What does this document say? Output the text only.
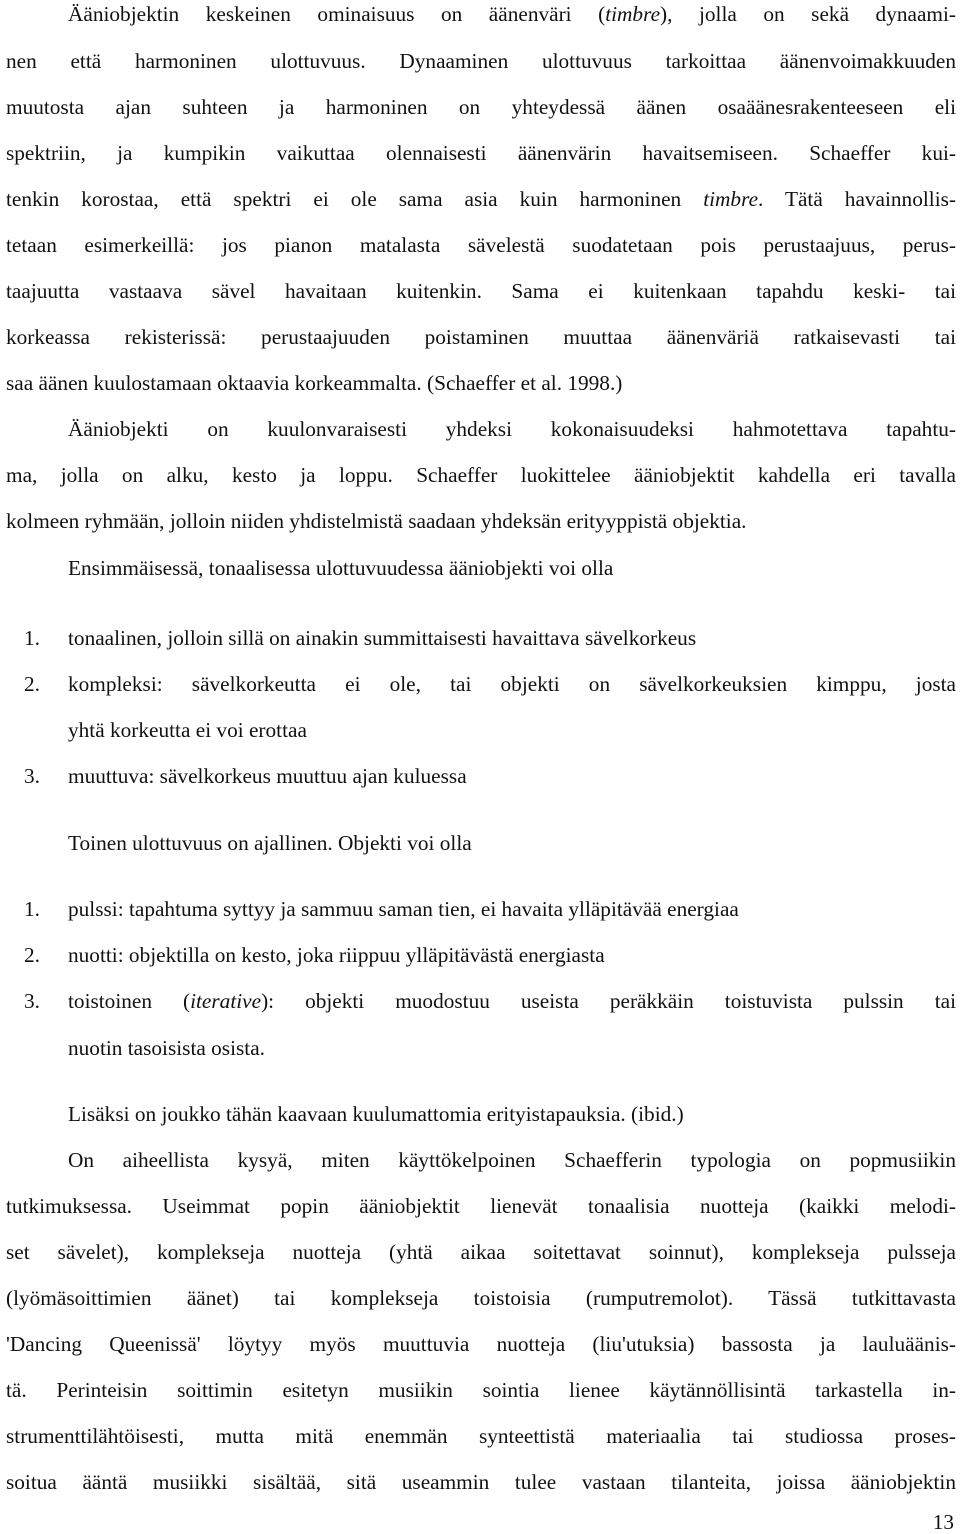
Ääniobjektin keskeinen ominaisuus on äänenväri (timbre), jolla on sekä dynaami-

nen että harmoninen ulottuvuus. Dynaaminen ulottuvuus tarkoittaa äänenvoimakkuuden

muutosta ajan suhteen ja harmoninen on yhteydessä äänen osaäänesrakenteeseen eli

spektriin, ja kumpikin vaikuttaa olennaisesti äänenvärin havaitsemiseen. Schaeffer kui-

tenkin korostaa, että spektri ei ole sama asia kuin harmoninen timbre. Tätä havainnollis-

tetaan esimerkeillä: jos pianon matalasta sävelestä suodatetaan pois perustaajuus, perus-

taajuutta vastaava sävel havaitaan kuitenkin. Sama ei kuitenkaan tapahdu keski- tai

korkeassa rekisterissä: perustaajuuden poistaminen muuttaa äänenväriä ratkaisevasti tai

saa äänen kuulostamaan oktaavia korkeammalta. (Schaeffer et al. 1998.)

Ääniobjekti on kuulonvaraisesti yhdeksi kokonaisuudeksi hahmotettava tapahtu-

ma, jolla on alku, kesto ja loppu. Schaeffer luokittelee ääniobjektit kahdella eri tavalla

kolmeen ryhmään, jolloin niiden yhdistelmistä saadaan yhdeksän erityyppistä objektia.

Ensimmäisessä, tonaalisessa ulottuvuudessa ääniobjekti voi olla

1. tonaalinen, jolloin sillä on ainakin summittaisesti havaittava sävelkorkeus

2. kompleksi: sävelkorkeutta ei ole, tai objekti on sävelkorkeuksien kimppu, josta

yhtä korkeutta ei voi erottaa

3. muuttuva: sävelkorkeus muuttuu ajan kuluessa

Toinen ulottuvuus on ajallinen. Objekti voi olla

1. pulssi: tapahtuma syttyy ja sammuu saman tien, ei havaita ylläpitävää energiaa

2. nuotti: objektilla on kesto, joka riippuu ylläpitävästä energiasta

3. toistoinen (iterative): objekti muodostuu useista peräkkäin toistuvista pulssin tai

nuotin tasoisista osista.

Lisäksi on joukko tähän kaavaan kuulumattomia erityistapauksia. (ibid.)

On aiheellista kysyä, miten käyttökelpoinen Schaefferin typologia on popmusiikin

tutkimuksessa. Useimmat popin ääniobjektit lienevät tonaalisia nuotteja (kaikki melodi-

set sävelet), kompleksejа nuotteja (yhtä aikaa soitettavat soinnut), komplekseja pulsseja

(lyömäsoittimien äänet) tai komplekseja toistoisia (rumputremolot). Tässä tutkittavasta

'Dancing Queenissä' löytyy myös muuttuvia nuotteja (liu'utuksia) bassosta ja lauluäänis-

tä. Perinteisin soittimin esitetyn musiikin sointia lienee käytännöllisintä tarkastella in-

strumenttilähtöisesti, mutta mitä enemmän synteettistä materiaalia tai studiossa proses-

soitua ääntä musiikki sisältää, sitä useammin tulee vastaan tilanteita, joissa ääniobjektin

13
